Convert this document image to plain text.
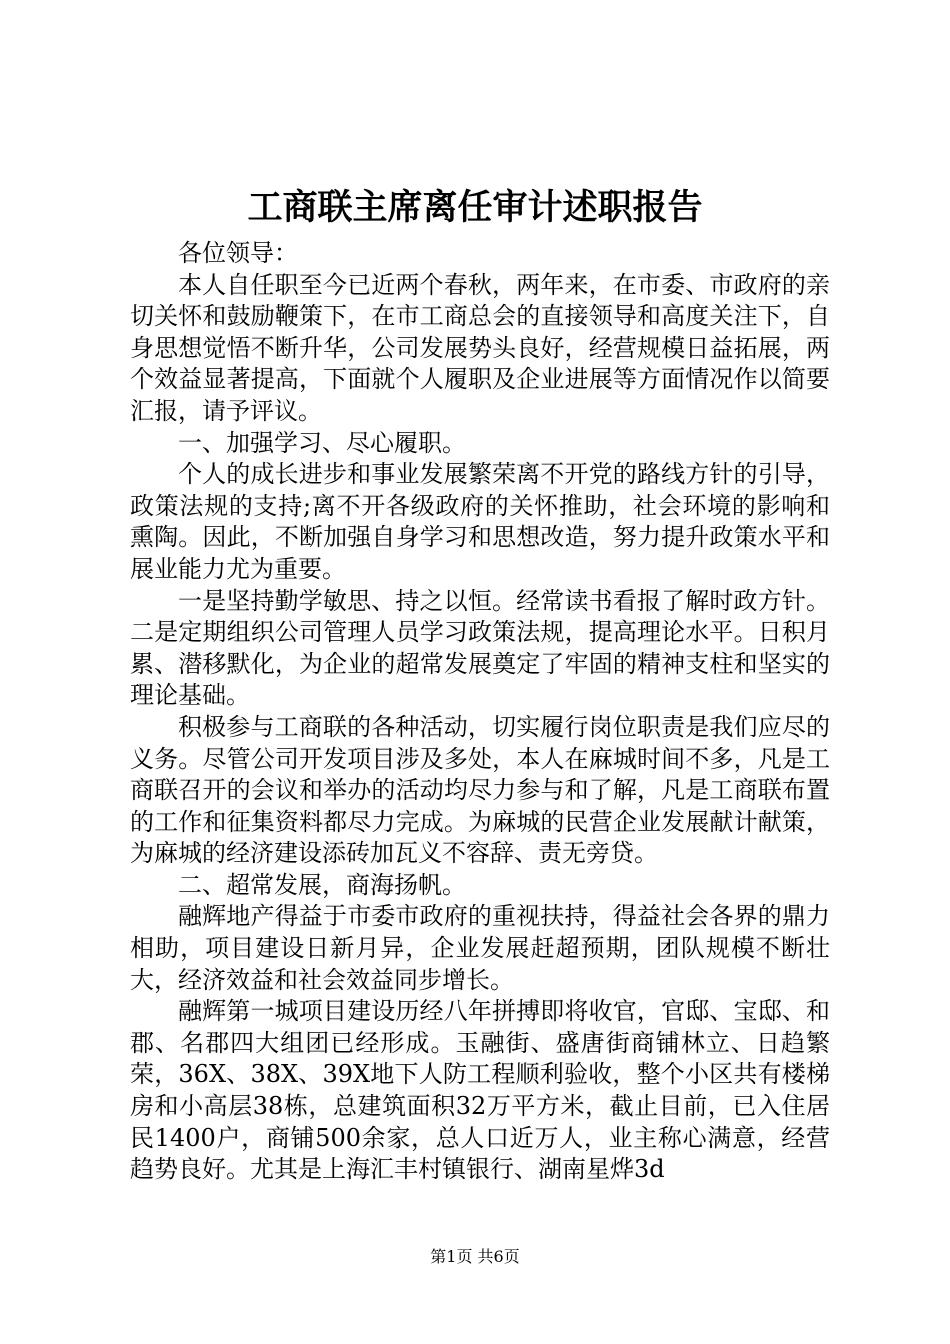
工商联主席离任审计述职报告

各位领导：

本人自任职至今已近两个春秋，两年来，在市委、市政府的亲切关怀和鼓励鞭策下，在市工商总会的直接领导和高度关注下，自身思想觉悟不断升华，公司发展势头良好，经营规模日益拓展，两个效益显著提高，下面就个人履职及企业进展等方面情况作以简要汇报，请予评议。

一、加强学习、尽心履职。

个人的成长进步和事业发展繁荣离不开党的路线方针的引导，政策法规的支持;离不开各级政府的关怀推助，社会环境的影响和熏陶。因此，不断加强自身学习和思想改造，努力提升政策水平和展业能力尤为重要。

一是坚持勤学敏思、持之以恒。经常读书看报了解时政方针。二是定期组织公司管理人员学习政策法规，提高理论水平。日积月累、潜移默化，为企业的超常发展奠定了牢固的精神支柱和坚实的理论基础。

积极参与工商联的各种活动，切实履行岗位职责是我们应尽的义务。尽管公司开发项目涉及多处，本人在麻城时间不多，凡是工商联召开的会议和举办的活动均尽力参与和了解，凡是工商联布置的工作和征集资料都尽力完成。为麻城的民营企业发展献计献策，为麻城的经济建设添砖加瓦义不容辞、责无旁贷。

二、超常发展，商海扬帆。

融辉地产得益于市委市政府的重视扶持，得益社会各界的鼎力相助，项目建设日新月异，企业发展赶超预期，团队规模不断壮大，经济效益和社会效益同步增长。

融辉第一城项目建设历经八年拼搏即将收官，官邸、宝邸、和郡、名郡四大组团已经形成。玉融街、盛唐街商铺林立、日趋繁荣，36X、38X、39X地下人防工程顺利验收，整个小区共有楼梯房和小高层38栋，总建筑面积32万平方米，截止目前，已入住居民1400户，商铺500余家，总人口近万人，业主称心满意，经营趋势良好。尤其是上海汇丰村镇银行、湖南星烨3d

第1页 共6页
